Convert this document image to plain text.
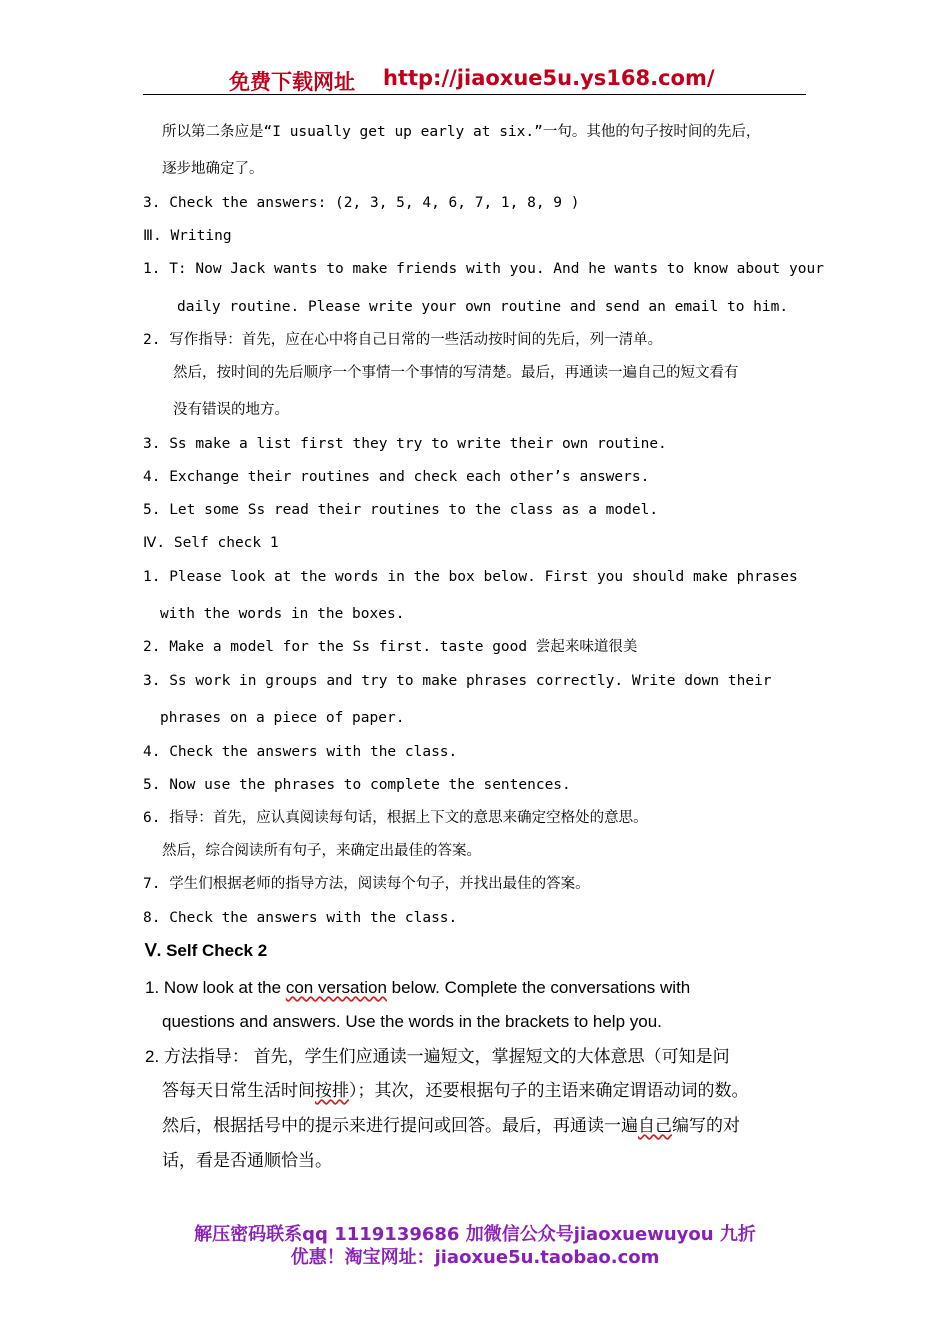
免费下载网址 http://jiaoxue5u.ys168.com/
所以第二条应是“I usually get up early at six.”一句。其他的句子按时间的先后，
逐步地确定了。
3. Check the answers: (2, 3, 5, 4, 6, 7, 1, 8, 9 )
Ⅲ. Writing
1. T: Now Jack wants to make friends with you. And he wants to know about your
daily routine. Please write your own routine and send an email to him.
2. 写作指导：首先，应在心中将自己日常的一些活动按时间的先后，列一清单。
然后，按时间的先后顺序一个事情一个事情的写清楚。最后，再通读一遍自己的短文看有
没有错误的地方。
3. Ss make a list first they try to write their own routine.
4. Exchange their routines and check each other’s answers.
5. Let some Ss read their routines to the class as a model.
Ⅳ. Self check 1
1. Please look at the words in the box below. First you should make phrases
with the words in the boxes.
2. Make a model for the Ss first. taste good 尝起来味道很美
3. Ss work in groups and try to make phrases correctly. Write down their
phrases on a piece of paper.
4. Check the answers with the class.
5. Now use the phrases to complete the sentences.
6. 指导：首先，应认真阅读每句话，根据上下文的意思来确定空格处的意思。
然后，综合阅读所有句子，来确定出最佳的答案。
7. 学生们根据老师的指导方法，阅读每个句子，并找出最佳的答案。
8. Check the answers with the class.
Ⅴ. Self Check 2
1. Now look at the con versation below. Complete the conversations with
questions and answers. Use the words in the brackets to help you.
2. 方法指导： 首先，学生们应通读一遍短文，掌握短文的大体意思（可知是问
答每天日常生活时间按排）；其次，还要根据句子的主语来确定谓语动词的数。
然后，根据括号中的提示来进行提问或回答。最后，再通读一遍自己编写的对
话，看是否通顺恰当。
解压密码联系qq 1119139686 加微信公众号jiaoxuewuyou 九折
优惠！淘宝网址：jiaoxue5u.taobao.com
